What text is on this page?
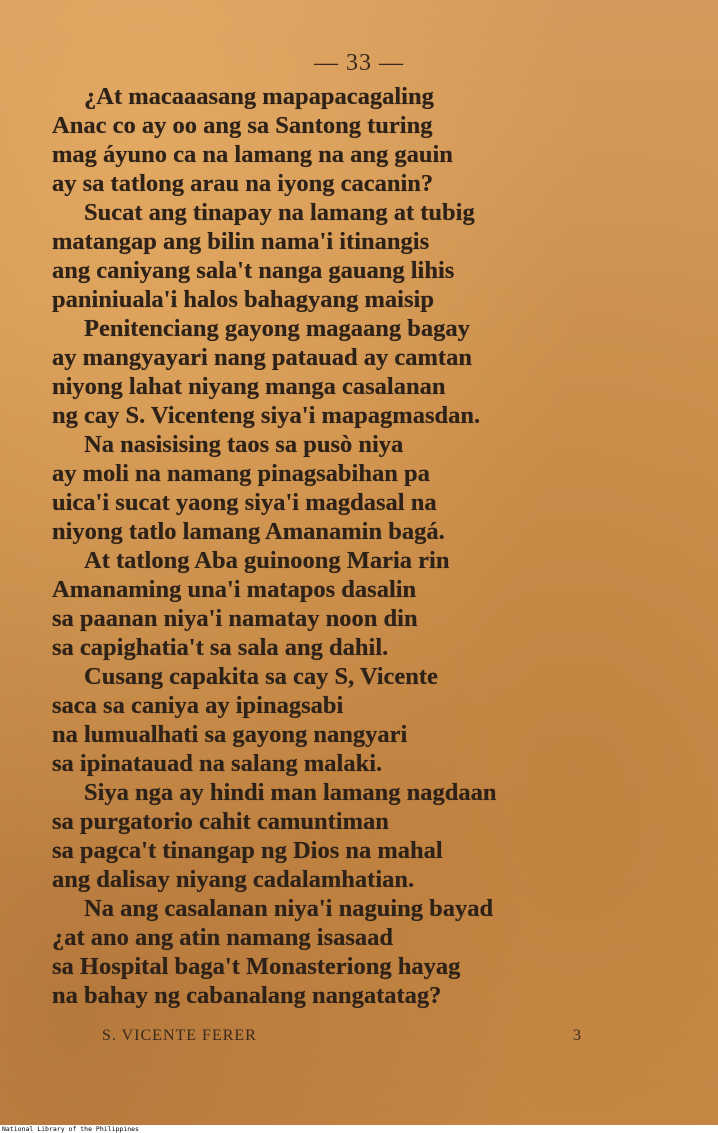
— 33 —
¿At macaaasang mapapacagaling
Anac co ay oo ang sa Santong turing
mag áyuno ca na lamang na ang gauin
ay sa tatlong arau na iyong cacanin?
Sucat ang tinapay na lamang at tubig
matangap ang bilin nama'i itinangis
ang caniyang sala't nanga gauang lihis
paniniuala'i halos bahagyang maisip
Penitenciang gayong magaang bagay
ay mangyayari nang patauad ay camtan
niyong lahat niyang manga casalanan
ng cay S. Vicenteng siya'i mapagmasdan.
Na nasisising taos sa pusò niya
ay moli na namang pinagsabihan pa
uica'i sucat yaong siya'i magdasal na
niyong tatlo lamang Amanamin bagá.
At tatlong Aba guinoong Maria rin
Amanaming una'i matapos dasalin
sa paanan niya'i namatay noon din
sa capighatia't sa sala ang dahil.
Cusang capakita sa cay S, Vicente
saca sa caniya ay ipinagsabi
na lumualhati sa gayong nangyari
sa ipinatauad na salang malaki.
Siya nga ay hindi man lamang nagdaan
sa purgatorio cahit camuntiman
sa pagca't tinangap ng Dios na mahal
ang dalisay niyang cadalamhatian.
Na ang casalanan niya'i naguing bayad
¿at ano ang atin namang isasaad
sa Hospital baga't Monasteriong hayag
na bahay ng cabanalang nangatatag?
S. VICENTE FERER	3
National Library of the Philippines
